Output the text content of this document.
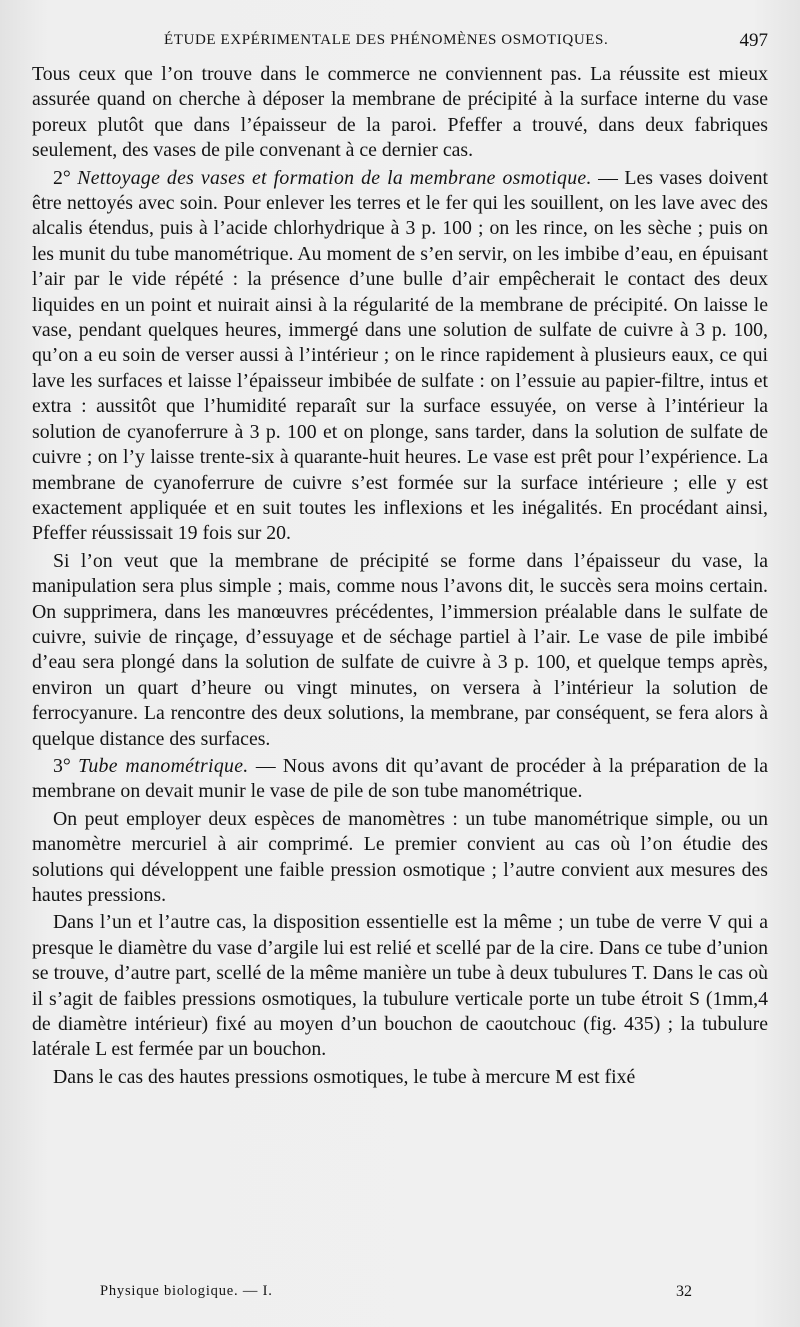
ÉTUDE EXPÉRIMENTALE DES PHÉNOMÈNES OSMOTIQUES.	497

Tous ceux que l’on trouve dans le commerce ne conviennent pas. La réussite est mieux assurée quand on cherche à déposer la membrane de précipité à la surface interne du vase poreux plutôt que dans l’épaisseur de la paroi. Pfeffer a trouvé, dans deux fabriques seulement, des vases de pile convenant à ce dernier cas.

2° Nettoyage des vases et formation de la membrane osmotique. — Les vases doivent être nettoyés avec soin. Pour enlever les terres et le fer qui les souillent, on les lave avec des alcalis étendus, puis à l’acide chlorhydrique à 3 p. 100 ; on les rince, on les sèche ; puis on les munit du tube manométrique. Au moment de s’en servir, on les imbibe d’eau, en épuisant l’air par le vide répété : la présence d’une bulle d’air empêcherait le contact des deux liquides en un point et nuirait ainsi à la régularité de la membrane de précipité. On laisse le vase, pendant quelques heures, immergé dans une solution de sulfate de cuivre à 3 p. 100, qu’on a eu soin de verser aussi à l’intérieur ; on le rince rapidement à plusieurs eaux, ce qui lave les surfaces et laisse l’épaisseur imbibée de sulfate : on l’essuie au papier-filtre, intus et extra : aussitôt que l’humidité reparaît sur la surface essuyée, on verse à l’intérieur la solution de cyanoferrure à 3 p. 100 et on plonge, sans tarder, dans la solution de sulfate de cuivre ; on l’y laisse trente-six à quarante-huit heures. Le vase est prêt pour l’expérience. La membrane de cyanoferrure de cuivre s’est formée sur la surface intérieure ; elle y est exactement appliquée et en suit toutes les inflexions et les inégalités. En procédant ainsi, Pfeffer réussissait 19 fois sur 20.

Si l’on veut que la membrane de précipité se forme dans l’épaisseur du vase, la manipulation sera plus simple ; mais, comme nous l’avons dit, le succès sera moins certain. On supprimera, dans les manœuvres précédentes, l’immersion préalable dans le sulfate de cuivre, suivie de rinçage, d’essuyage et de séchage partiel à l’air. Le vase de pile imbibé d’eau sera plongé dans la solution de sulfate de cuivre à 3 p. 100, et quelque temps après, environ un quart d’heure ou vingt minutes, on versera à l’intérieur la solution de ferrocyanure. La rencontre des deux solutions, la membrane, par conséquent, se fera alors à quelque distance des surfaces.

3° Tube manométrique. — Nous avons dit qu’avant de procéder à la préparation de la membrane on devait munir le vase de pile de son tube manométrique.

On peut employer deux espèces de manomètres : un tube manométrique simple, ou un manomètre mercuriel à air comprimé. Le premier convient au cas où l’on étudie des solutions qui développent une faible pression osmotique ; l’autre convient aux mesures des hautes pressions.

Dans l’un et l’autre cas, la disposition essentielle est la même ; un tube de verre V qui a presque le diamètre du vase d’argile lui est relié et scellé par de la cire. Dans ce tube d’union se trouve, d’autre part, scellé de la même manière un tube à deux tubulures T. Dans le cas où il s’agit de faibles pressions osmotiques, la tubulure verticale porte un tube étroit S (1mm,4 de diamètre intérieur) fixé au moyen d’un bouchon de caoutchouc (fig. 435) ; la tubulure latérale L est fermée par un bouchon.

Dans le cas des hautes pressions osmotiques, le tube à mercure M est fixé

Physique biologique. — I.	32
